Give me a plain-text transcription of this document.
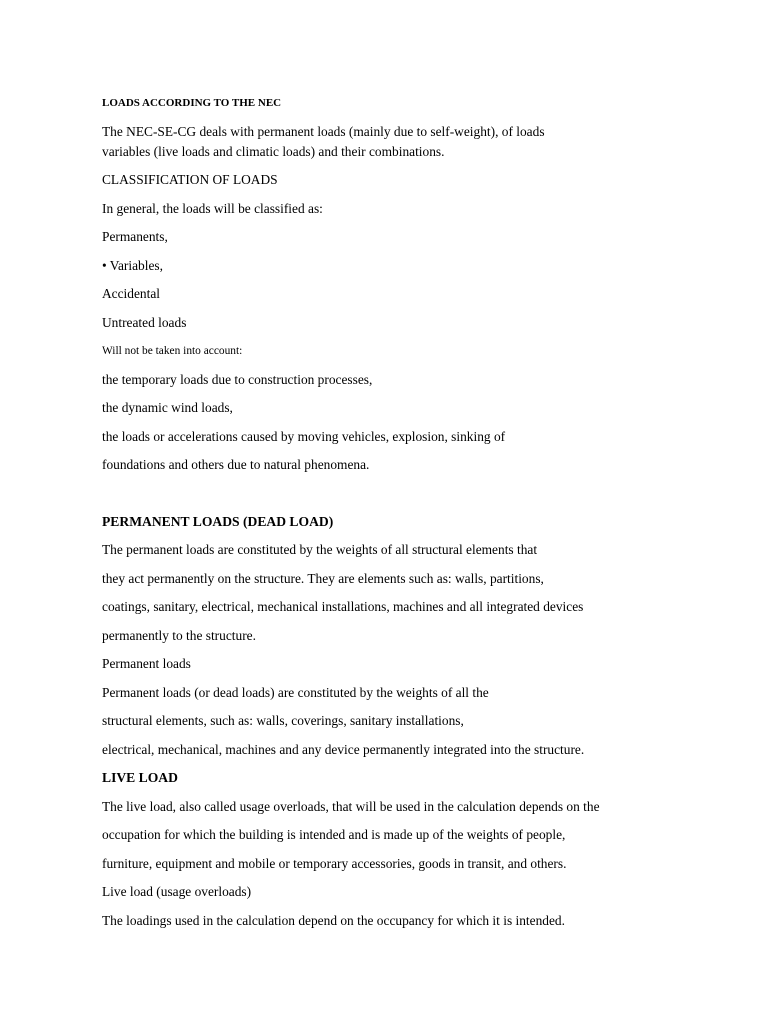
LOADS ACCORDING TO THE NEC
The NEC-SE-CG deals with permanent loads (mainly due to self-weight), of loads
variables (live loads and climatic loads) and their combinations.
CLASSIFICATION OF LOADS
In general, the loads will be classified as:
Permanents,
• Variables,
Accidental
Untreated loads
Will not be taken into account:
the temporary loads due to construction processes,
the dynamic wind loads,
the loads or accelerations caused by moving vehicles, explosion, sinking of
foundations and others due to natural phenomena.
PERMANENT LOADS (DEAD LOAD)
The permanent loads are constituted by the weights of all structural elements that
they act permanently on the structure. They are elements such as: walls, partitions,
coatings, sanitary, electrical, mechanical installations, machines and all integrated devices
permanently to the structure.
Permanent loads
Permanent loads (or dead loads) are constituted by the weights of all the
structural elements, such as: walls, coverings, sanitary installations,
electrical, mechanical, machines and any device permanently integrated into the structure.
LIVE LOAD
The live load, also called usage overloads, that will be used in the calculation depends on the
occupation for which the building is intended and is made up of the weights of people,
furniture, equipment and mobile or temporary accessories, goods in transit, and others.
Live load (usage overloads)
The loadings used in the calculation depend on the occupancy for which it is intended.
